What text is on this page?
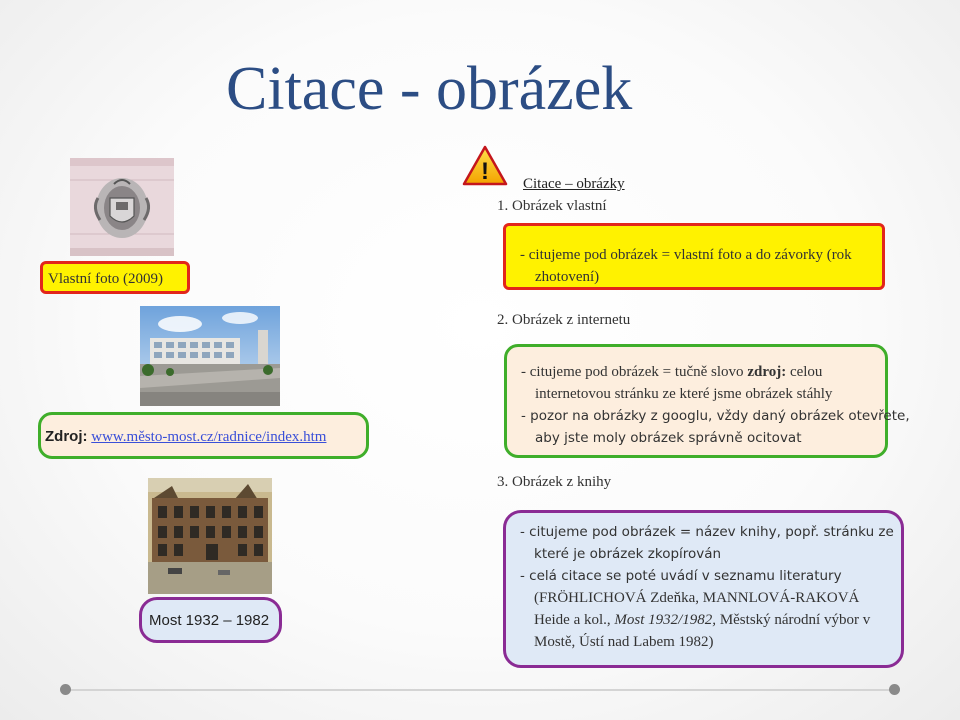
Citace - obrázek
Vlastní foto (2009)
Zdroj: www.město-most.cz/radnice/index.htm
Most 1932 – 1982
! Citace – obrázky
1. Obrázek vlastní
- citujeme pod obrázek = vlastní foto a do závorky (rok
zhotovení)
2. Obrázek z internetu
- citujeme pod obrázek = tučně slovo zdroj: celou
internetovou stránku ze které jsme obrázek stáhly
- pozor na obrázky z googlu, vždy daný obrázek otevřete,
aby jste moly obrázek správně ocitovat
3. Obrázek z knihy
- citujeme pod obrázek = název knihy, popř. stránku ze
které je obrázek zkopírován
- celá citace se poté uvádí v seznamu literatury
(FRÖHLICHOVÁ Zdeňka, MANNLOVÁ-RAKOVÁ
Heide a kol., Most 1932/1982, Městský národní výbor v
Mostě, Ústí nad Labem 1982)
